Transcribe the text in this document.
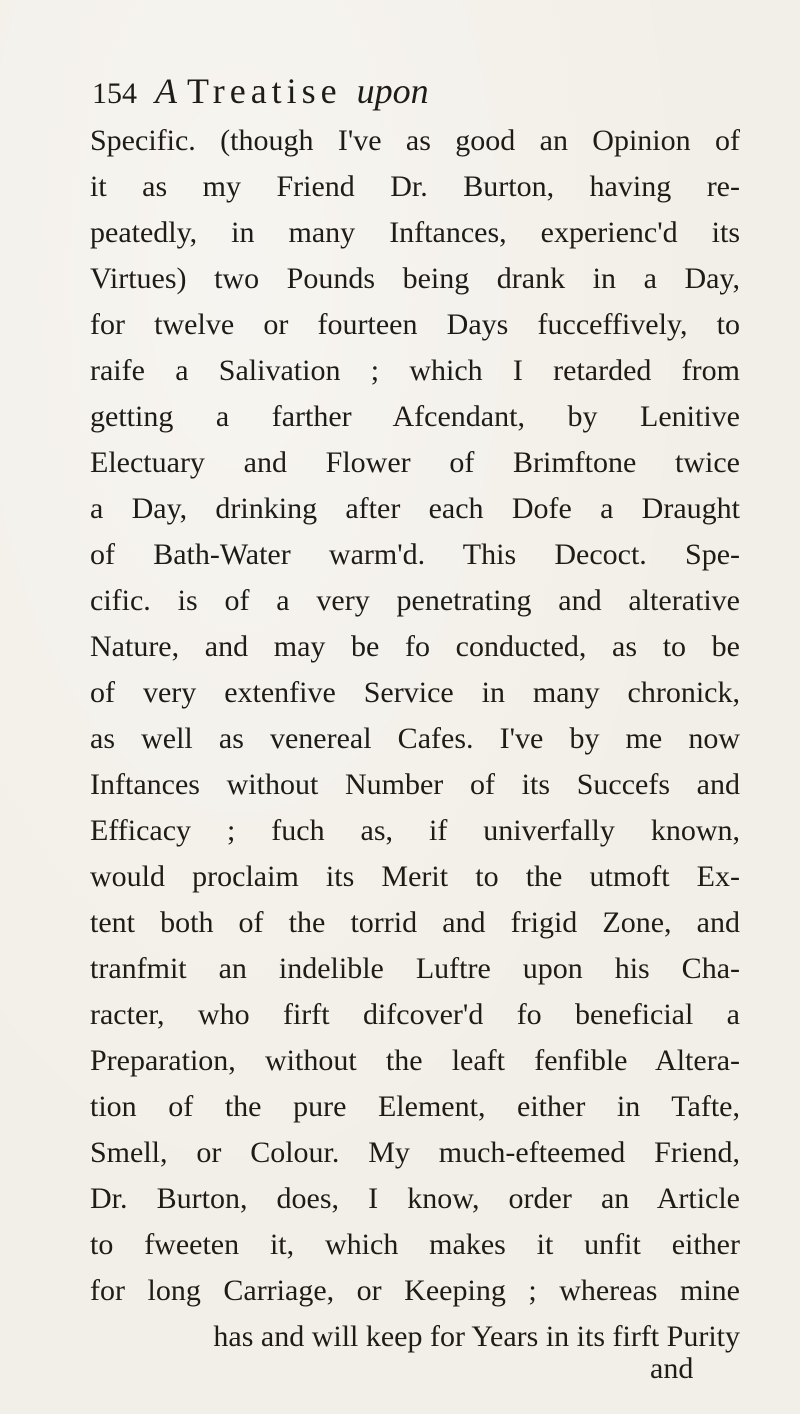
154 A Treatise upon
Specific. (though I've as good an Opinion of
it as my Friend Dr. Burton, having re-
peatedly, in many Inftances, experienc'd its
Virtues) two Pounds being drank in a Day,
for twelve or fourteen Days fucceffively, to
raife a Salivation ; which I retarded from
getting a farther Afcendant, by Lenitive
Electuary and Flower of Brimftone twice
a Day, drinking after each Dofe a Draught
of Bath-Water warm'd. This Decoct. Spe-
cific. is of a very penetrating and alterative
Nature, and may be fo conducted, as to be
of very extenfive Service in many chronick,
as well as venereal Cafes. I've by me now
Inftances without Number of its Succefs and
Efficacy ; fuch as, if univerfally known,
would proclaim its Merit to the utmoft Ex-
tent both of the torrid and frigid Zone, and
tranfmit an indelible Luftre upon his Cha-
racter, who firft difcover'd fo beneficial a
Preparation, without the leaft fenfible Altera-
tion of the pure Element, either in Tafte,
Smell, or Colour. My much-efteemed Friend,
Dr. Burton, does, I know, order an Article
to fweeten it, which makes it unfit either
for long Carriage, or Keeping ; whereas mine
has and will keep for Years in its firft Purity
and
